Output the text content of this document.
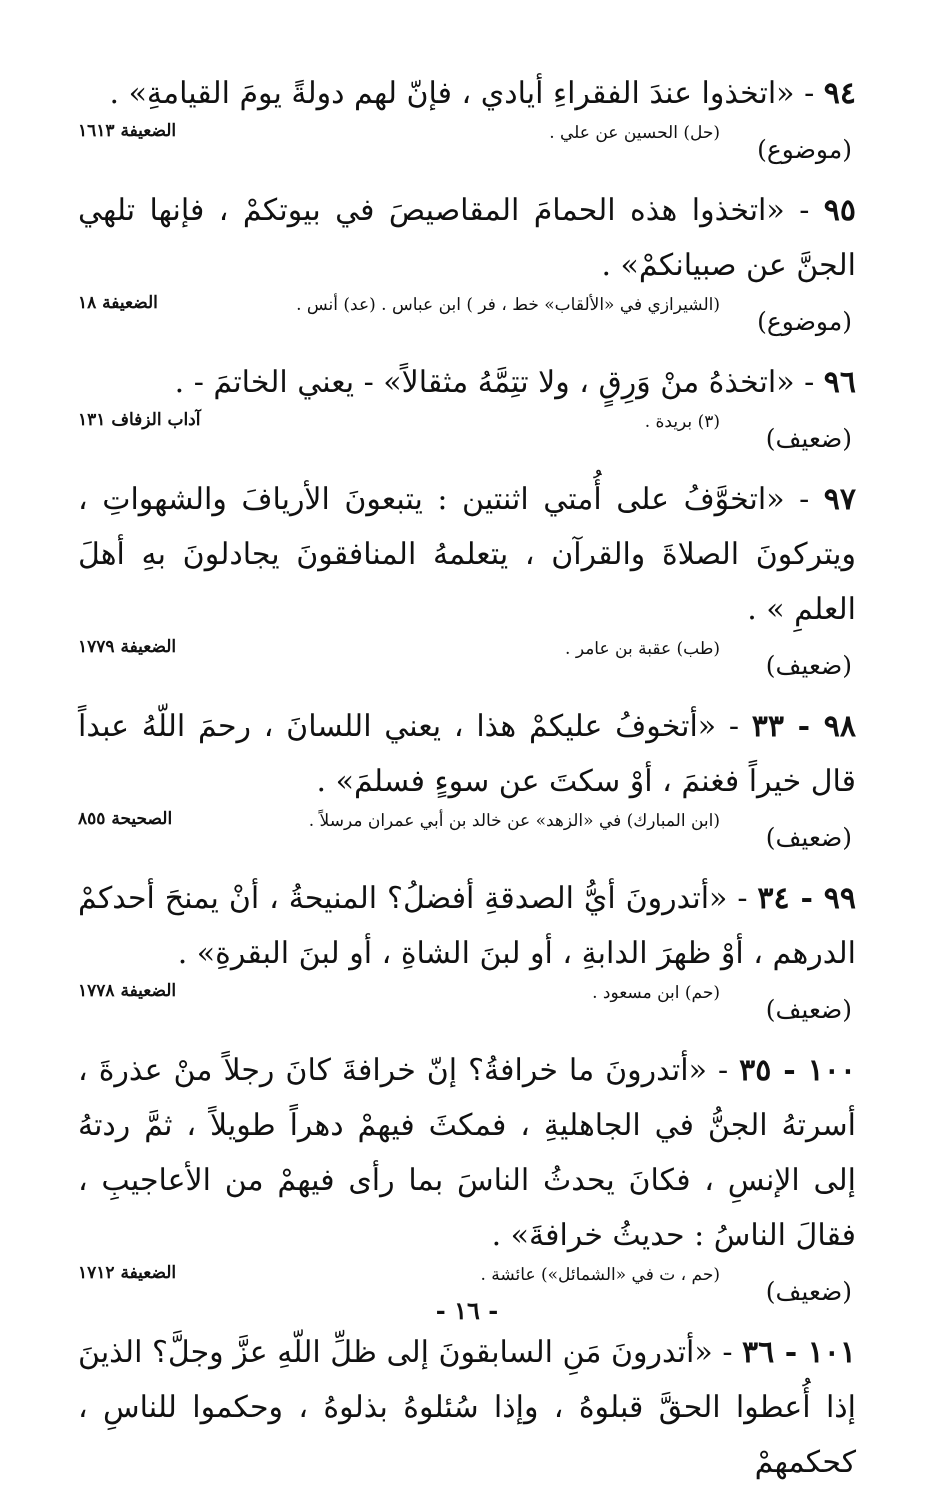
٩٤ - «اتخذوا عندَ الفقراءِ أيادي ، فإنّ لهم دولةً يومَ القيامةِ» .

( موضوع )
(حل) الحسين عن علي .
الضعيفة ١٦١٣

٩٥ - «اتخذوا هذه الحمامَ المقاصيصَ في بيوتكمْ ، فإنها تلهي الجنَّ عن صبيانكمْ» .

( موضوع )
(الشيرازي في «الألقاب» خط ، فر ) ابن عباس . (عد) أنس .
الضعيفة ١٨

٩٦ - «اتخذهُ منْ وَرِقٍ ، ولا تتِمَّهُ مثقالاً» - يعني الخاتمَ - .

( ضعيف )
(٣) بريدة .
آداب الزفاف ١٣١

٩٧ - «اتخوَّفُ على أُمتي اثنتين : يتبعونَ الأريافَ والشهواتِ ، ويتركونَ الصلاةَ والقرآن ، يتعلمهُ المنافقونَ يجادلونَ بهِ أهلَ العلمِ » .

( ضعيف )
(طب) عقبة بن عامر .
الضعيفة ١٧٧٩

٩٨ - ٣٣ - «أتخوفُ عليكمْ هذا ، يعني اللسانَ ، رحمَ اللّهُ عبداً قال خيراً فغنمَ ، أوْ سكتَ عن سوءٍ فسلمَ» .

( ضعيف )
(ابن المبارك) في «الزهد» عن خالد بن أبي عمران مرسلاً .
الصحيحة ٨٥٥

٩٩ - ٣٤ - «أتدرونَ أيُّ الصدقةِ أفضلُ؟ المنيحةُ ، أنْ يمنحَ أحدكمْ الدرهم ، أوْ ظهرَ الدابةِ ، أو لبنَ الشاةِ ، أو لبنَ البقرةِ» .

( ضعيف )
(حم) ابن مسعود .
الضعيفة ١٧٧٨

١٠٠ - ٣٥ - «أتدرونَ ما خرافةُ؟ إنّ خرافةَ كانَ رجلاً منْ عذرةَ ، أسرتهُ الجنُّ في الجاهليةِ ، فمكثَ فيهمْ دهراً طويلاً ، ثمَّ ردتهُ إلى الإنسِ ، فكانَ يحدثُ الناسَ بما رأى فيهمْ من الأعاجيبِ ، فقالَ الناسُ : حديثُ خرافةَ» .

( ضعيف )
(حم ، ت في «الشمائل») عائشة .
الضعيفة ١٧١٢

١٠١ - ٣٦ - «أتدرونَ مَنِ السابقونَ إلى ظلِّ اللّهِ عزَّ وجلَّ؟ الذينَ إذا أُعطوا الحقَّ قبلوهُ ، وإذا سُئلوهُ بذلوهُ ، وحكموا للناسِ ، كحكمهمْ

- ١٦ -
